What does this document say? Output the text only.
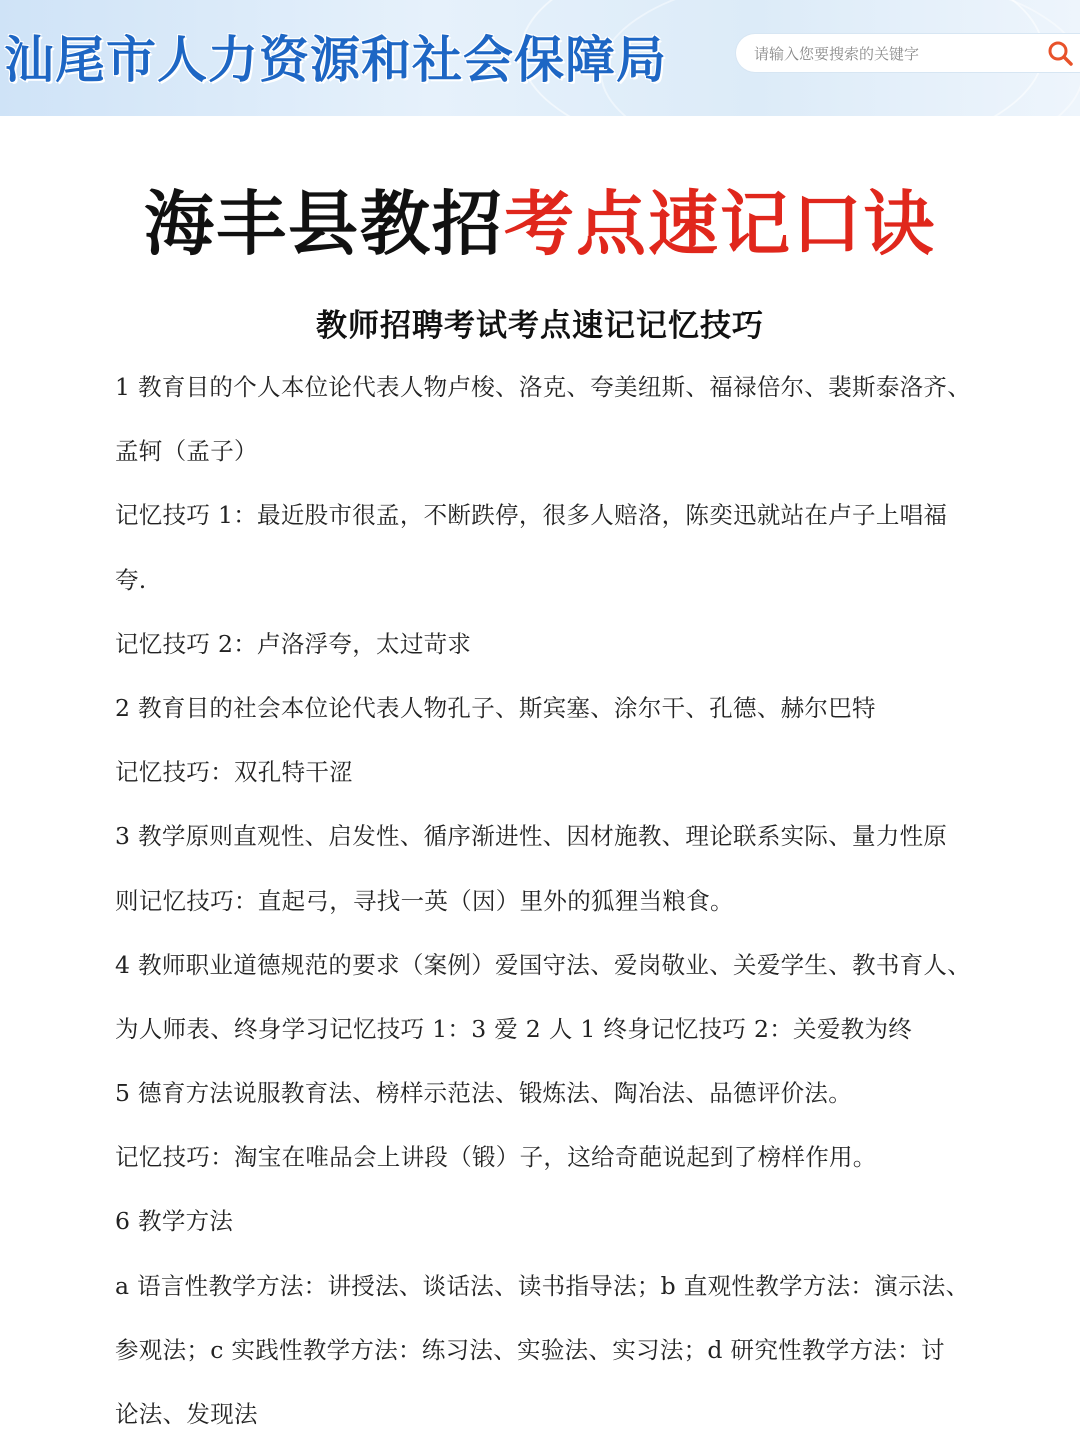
汕尾市人力资源和社会保障局
请输入您要搜索的关键字
海丰县教招考点速记口诀
教师招聘考试考点速记记忆技巧
1 教育目的个人本位论代表人物卢梭、洛克、夸美纽斯、福禄倍尔、裴斯泰洛齐、
孟轲（孟子）
记忆技巧 1：最近股市很孟，不断跌停，很多人赔洛，陈奕迅就站在卢子上唱福
夸.
记忆技巧 2：卢洛浮夸，太过苛求
2 教育目的社会本位论代表人物孔子、斯宾塞、涂尔干、孔德、赫尔巴特
记忆技巧：双孔特干涩
3 教学原则直观性、启发性、循序渐进性、因材施教、理论联系实际、量力性原
则记忆技巧：直起弓，寻找一英（因）里外的狐狸当粮食。
4 教师职业道德规范的要求（案例）爱国守法、爱岗敬业、关爱学生、教书育人、
为人师表、终身学习记忆技巧 1：3 爱 2 人 1 终身记忆技巧 2：关爱教为终
5 德育方法说服教育法、榜样示范法、锻炼法、陶冶法、品德评价法。
记忆技巧：淘宝在唯品会上讲段（锻）子，这给奇葩说起到了榜样作用。
6 教学方法
a 语言性教学方法：讲授法、谈话法、读书指导法；b 直观性教学方法：演示法、
参观法；c 实践性教学方法：练习法、实验法、实习法；d 研究性教学方法：讨
论法、发现法
